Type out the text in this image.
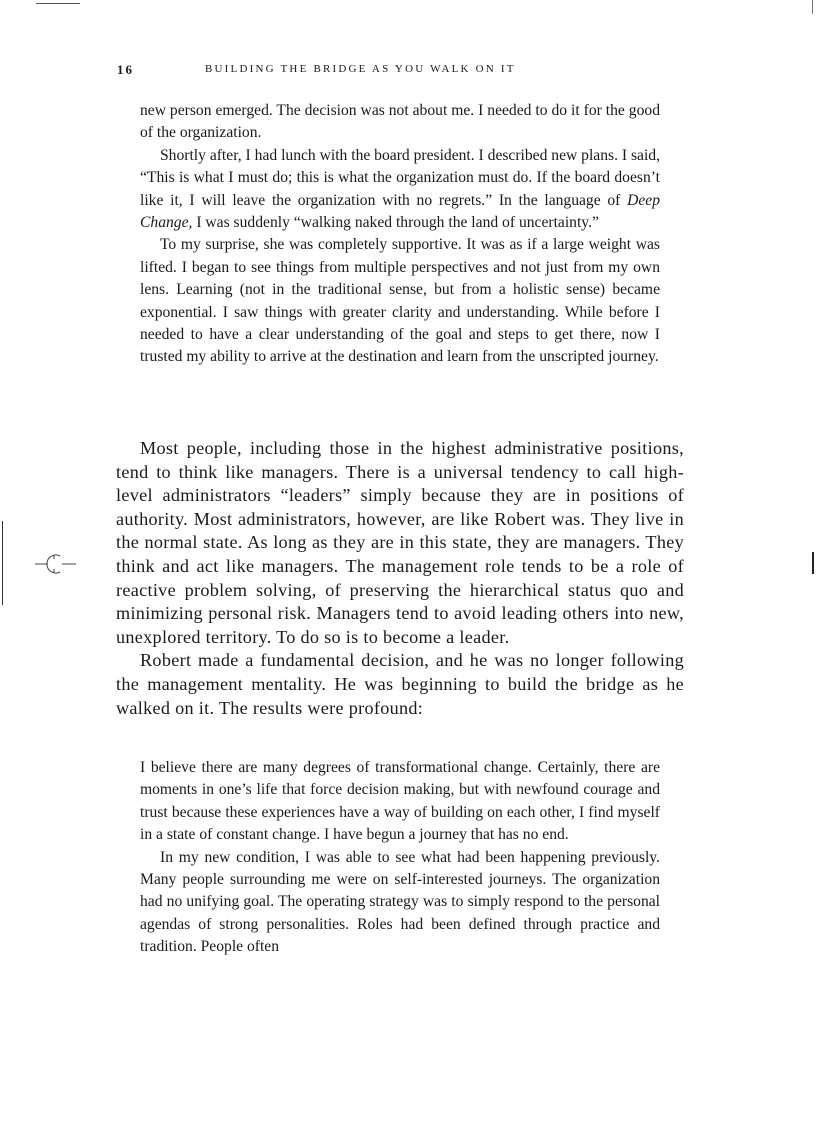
16	BUILDING THE BRIDGE AS YOU WALK ON IT

new person emerged. The decision was not about me. I needed to do it for the good of the organization.

Shortly after, I had lunch with the board president. I described new plans. I said, “This is what I must do; this is what the organization must do. If the board doesn’t like it, I will leave the organization with no regrets.” In the language of Deep Change, I was suddenly “walking naked through the land of uncertainty.”

To my surprise, she was completely supportive. It was as if a large weight was lifted. I began to see things from multiple perspectives and not just from my own lens. Learning (not in the traditional sense, but from a holistic sense) became exponential. I saw things with greater clarity and understanding. While before I needed to have a clear understanding of the goal and steps to get there, now I trusted my ability to arrive at the destination and learn from the unscripted journey.

Most people, including those in the highest administrative positions, tend to think like managers. There is a universal tendency to call high-level administrators “leaders” simply because they are in positions of authority. Most administrators, however, are like Robert was. They live in the normal state. As long as they are in this state, they are managers. They think and act like managers. The management role tends to be a role of reactive problem solving, of preserving the hierarchical status quo and minimizing personal risk. Managers tend to avoid leading others into new, unexplored territory. To do so is to become a leader.

Robert made a fundamental decision, and he was no longer following the management mentality. He was beginning to build the bridge as he walked on it. The results were profound:

I believe there are many degrees of transformational change. Certainly, there are moments in one’s life that force decision making, but with newfound courage and trust because these experiences have a way of building on each other, I find myself in a state of constant change. I have begun a journey that has no end.

In my new condition, I was able to see what had been happening previously. Many people surrounding me were on self-interested journeys. The organization had no unifying goal. The operating strategy was to simply respond to the personal agendas of strong personalities. Roles had been defined through practice and tradition. People often
